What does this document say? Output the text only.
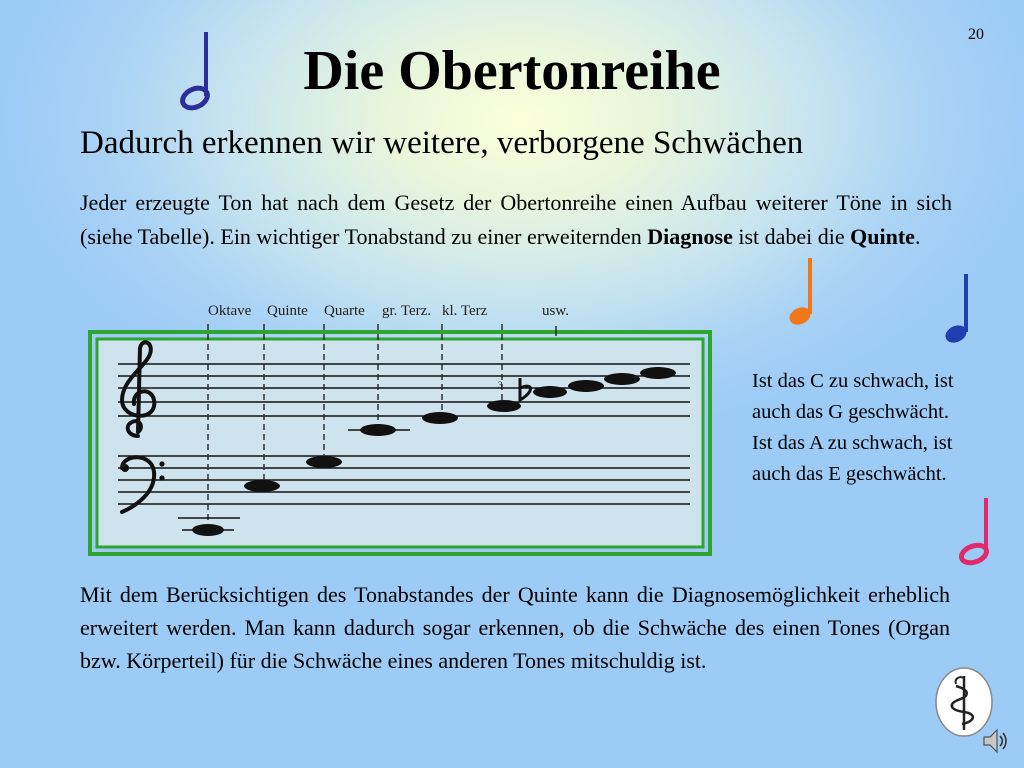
20
Die Obertonreihe
Dadurch erkennen wir weitere, verborgene Schwächen
Jeder erzeugte Ton hat nach dem Gesetz der Obertonreihe einen Aufbau weiterer Töne in sich (siehe Tabelle). Ein wichtiger Tonabstand zu einer erweiternden Diagnose ist dabei die Quinte.
Ist das C zu schwach, ist auch das G geschwächt. Ist das A zu schwach, ist auch das E geschwächt.
Mit dem Berücksichtigen des Tonabstandes der Quinte kann die Diagnosemöglichkeit erheblich erweitert werden. Man kann dadurch sogar erkennen, ob die Schwäche des einen Tones (Organ bzw. Körperteil) für die Schwäche eines anderen Tones mitschuldig ist.
Oktave Quinte Quarte gr. Terz. kl. Terz	usw.
3
